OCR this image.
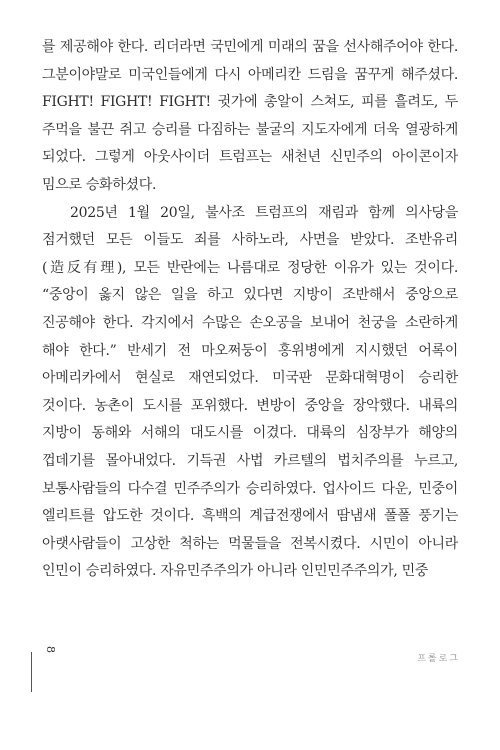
를 제공해야 한다. 리더라면 국민에게 미래의 꿈을 선사해주어야 한다. 그분이야말로 미국인들에게 다시 아메리칸 드림을 꿈꾸게 해주셨다. FIGHT! FIGHT! FIGHT! 귓가에 총알이 스쳐도, 피를 흘려도, 두 주먹을 불끈 쥐고 승리를 다짐하는 불굴의 지도자에게 더욱 열광하게 되었다. 그렇게 아웃사이더 트럼프는 새천년 신민주의 아이콘이자 밈으로 승화하셨다.

2025년 1월 20일, 불사조 트럼프의 재림과 함께 의사당을 점거했던 모든 이들도 죄를 사하노라, 사면을 받았다. 조반유리(造反有理), 모든 반란에는 나름대로 정당한 이유가 있는 것이다. “중앙이 옳지 않은 일을 하고 있다면 지방이 조반해서 중앙으로 진공해야 한다. 각지에서 수많은 손오공을 보내어 천궁을 소란하게 해야 한다.” 반세기 전 마오쩌둥이 홍위병에게 지시했던 어록이 아메리카에서 현실로 재연되었다. 미국판 문화대혁명이 승리한 것이다. 농촌이 도시를 포위했다. 변방이 중앙을 장악했다. 내륙의 지방이 동해와 서해의 대도시를 이겼다. 대륙의 심장부가 해양의 껍데기를 몰아내었다. 기득권 사법 카르텔의 법치주의를 누르고, 보통사람들의 다수결 민주주의가 승리하였다. 업사이드 다운, 민중이 엘리트를 압도한 것이다. 흑백의 계급전쟁에서 땀냄새 폴폴 풍기는 아랫사람들이 고상한 척하는 먹물들을 전복시켰다. 시민이 아니라 인민이 승리하였다. 자유민주주의가 아니라 인민민주주의가, 민중

8
프롤로그
